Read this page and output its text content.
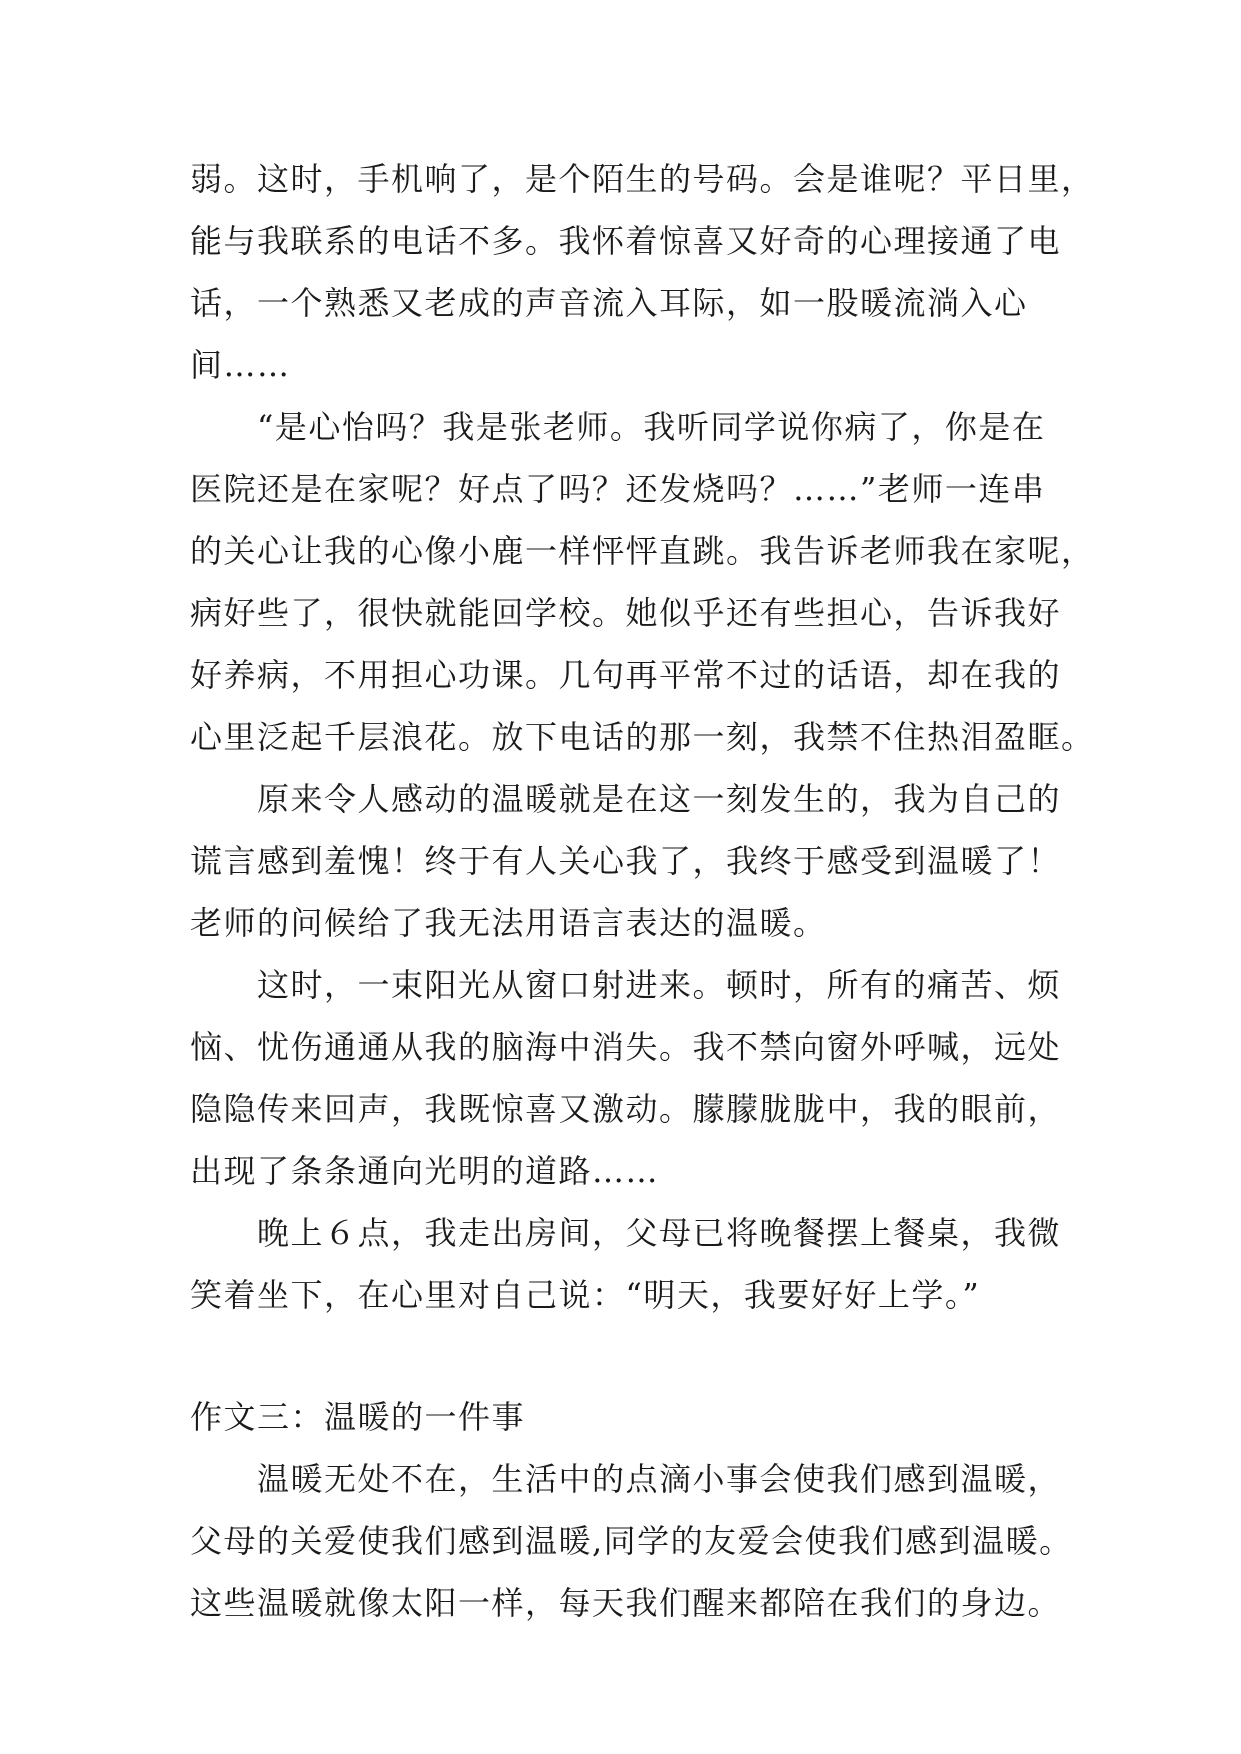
弱。这时，手机响了，是个陌生的号码。会是谁呢？平日里，
能与我联系的电话不多。我怀着惊喜又好奇的心理接通了电
话，一个熟悉又老成的声音流入耳际，如一股暖流淌入心
间……
　　“是心怡吗？我是张老师。我听同学说你病了，你是在
医院还是在家呢？好点了吗？还发烧吗？……”老师一连串
的关心让我的心像小鹿一样怦怦直跳。我告诉老师我在家呢，
病好些了，很快就能回学校。她似乎还有些担心，告诉我好
好养病，不用担心功课。几句再平常不过的话语，却在我的
心里泛起千层浪花。放下电话的那一刻，我禁不住热泪盈眶。
　　原来令人感动的温暖就是在这一刻发生的，我为自己的
谎言感到羞愧！终于有人关心我了，我终于感受到温暖了！
老师的问候给了我无法用语言表达的温暖。
　　这时，一束阳光从窗口射进来。顿时，所有的痛苦、烦
恼、忧伤通通从我的脑海中消失。我不禁向窗外呼喊，远处
隐隐传来回声，我既惊喜又激动。朦朦胧胧中，我的眼前，
出现了条条通向光明的道路……
　　晚上６点，我走出房间，父母已将晚餐摆上餐桌，我微
笑着坐下，在心里对自己说：“明天，我要好好上学。”
作文三：温暖的一件事
　　温暖无处不在，生活中的点滴小事会使我们感到温暖，
父母的关爱使我们感到温暖,同学的友爱会使我们感到温暖。
这些温暖就像太阳一样，每天我们醒来都陪在我们的身边。
